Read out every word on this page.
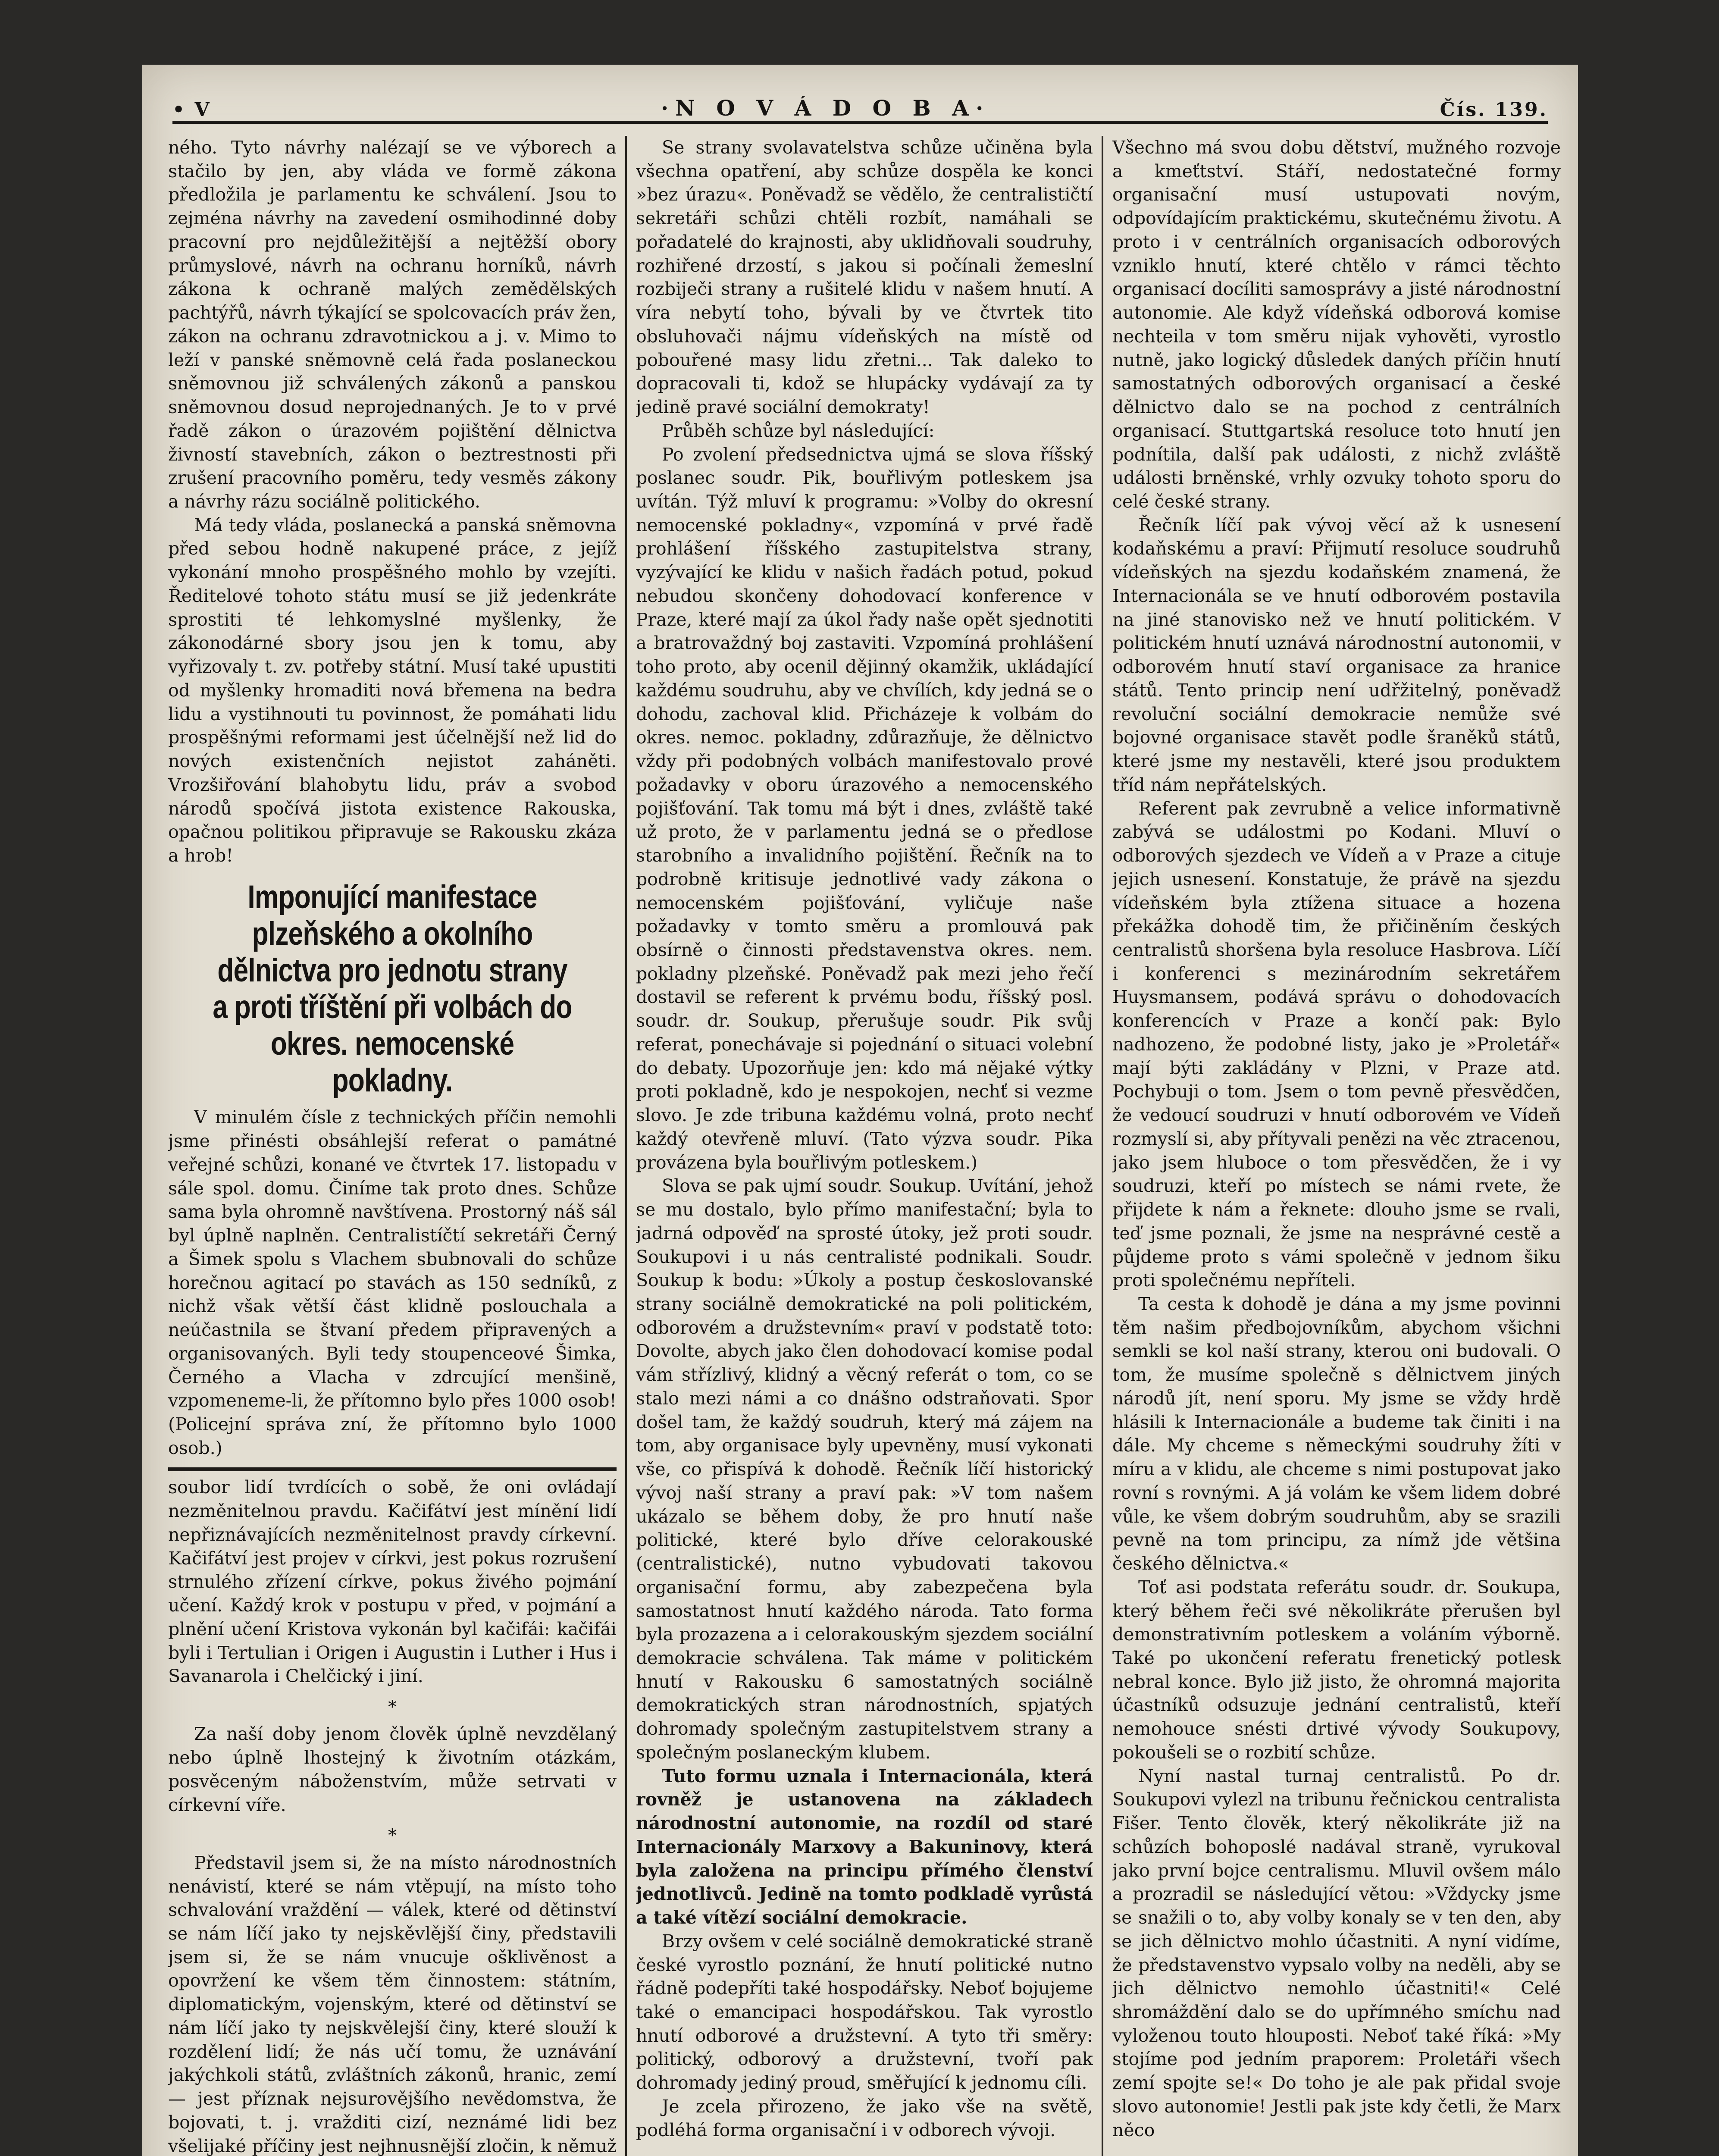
• V	·N O V Á D O B A·	Čís. 139.

ného. Tyto návrhy nalézají se ve výborech a stačilo by jen, aby vláda ve formě zákona předložila je parlamentu ke schválení. Jsou to zejména návrhy na zavedení osmihodinné doby pracovní pro nejdůležitější a nejtěžší obory průmyslové, návrh na ochranu horníků, návrh zákona k ochraně malých zemědělských pachtýřů, návrh týkající se spolcovacích práv žen, zákon na ochranu zdravotnickou a j. v. Mimo to leží v panské sněmovně celá řada poslaneckou sněmovnou již schválených zákonů a panskou sněmovnou dosud neprojednaných. Je to v prvé řadě zákon o úrazovém pojištění dělnictva živností stavebních, zákon o beztrestnosti při zrušení pracovního poměru, tedy vesměs zákony a návrhy rázu sociálně politického.

Má tedy vláda, poslanecká a panská sněmovna před sebou hodně nakupené práce, z jejíž vykonání mnoho prospěšného mohlo by vzejíti. Ředitelové tohoto státu musí se již jedenkráte sprostiti té lehkomyslné myšlenky, že zákonodárné sbory jsou jen k tomu, aby vyřizovaly t. zv. potřeby státní. Musí také upustiti od myšlenky hromaditi nová břemena na bedra lidu a vystihnouti tu povinnost, že pomáhati lidu prospěšnými reformami jest účelnější než lid do nových existenčních nejistot zaháněti. Vrozšiřování blahobytu lidu, práv a svobod národů spočívá jistota existence Rakouska, opačnou politikou připravuje se Rakousku zkáza a hrob!

Imponující manifestace plzeňského a okolního dělnictva pro jednotu strany a proti tříštění při volbách do okres. nemocenské pokladny.

V minulém čísle z technických příčin nemohli jsme přinésti obsáhlejší referat o památné veřejné schůzi, konané ve čtvrtek 17. listopadu v sále spol. domu. Činíme tak proto dnes. Schůze sama byla ohromně navštívena. Prostorný náš sál byl úplně naplněn. Centralistíčtí sekretáři Černý a Šimek spolu s Vlachem sbubnovali do schůze horečnou agitací po stavách as 150 sedníků, z nichž však větší část klidně poslouchala a neúčastnila se štvaní předem připravených a organisovaných. Byli tedy stoupenceové Šimka, Černého a Vlacha v zdrcující menšině, vzpomeneme-li, že přítomno bylo přes 1000 osob! (Policejní správa zní, že přítomno bylo 1000 osob.)

soubor lidí tvrdících o sobě, že oni ovládají nezměnitelnou pravdu. Kačifátví jest mínění lidí nepřiznávajících nezměnitelnost pravdy církevní. Kačifátví jest projev v církvi, jest pokus rozrušení strnulého zřízení církve, pokus živého pojmání učení. Každý krok v postupu v před, v pojmání a plnění učení Kristova vykonán byl kačifái: kačifái byli i Tertulian i Origen i Augustin i Luther i Hus i Savanarola i Chelčický i jiní.

*

Za naší doby jenom člověk úplně nevzdělaný nebo úplně lhostejný k životním otázkám, posvěceným náboženstvím, může setrvati v církevní víře.

*

Představil jsem si, že na místo národnostních nenávistí, které se nám vtěpují, na místo toho schvalování vraždění — válek, které od dětinství se nám líčí jako ty nejskěvlější činy, představili jsem si, že se nám vnucuje ošklivěnost a opovržení ke všem těm činnostem: státním, diplomatickým, vojenským, které od dětinství se nám líčí jako ty nejskvělejší činy, které slouží k rozdělení lidí; že nás učí tomu, že uznávání jakýchkoli států, zvláštních zákonů, hranic, zemí — jest příznak nejsurovějšího nevědomstva, že bojovati, t. j. vražditi cizí, neznámé lidi bez všelijaké příčiny jest nejhnusnější zločin, k němuž

Se strany svolavatelstva schůze učiněna byla všechna opatření, aby schůze dospěla ke konci »bez úrazu«. Poněvadž se vědělo, že centralističtí sekretáři schůzi chtěli rozbít, namáhali se pořadatelé do krajnosti, aby uklidňovali soudruhy, rozhiřené drzostí, s jakou si počínali žemeslní rozbiječi strany a rušitelé klidu v našem hnutí. A víra nebytí toho, bývali by ve čtvrtek tito obsluhovači nájmu vídeňských na místě od pobouřené masy lidu zřetni... Tak daleko to dopracovali ti, kdož se hlupácky vydávají za ty jedině pravé sociální demokraty!

Průběh schůze byl následující:

Po zvolení předsednictva ujmá se slova říšský poslanec soudr. Pik, bouřlivým potleskem jsa uvítán. Týž mluví k programu: »Volby do okresní nemocenské pokladny«, vzpomíná v prvé řadě prohlášení říšského zastupitelstva strany, vyzývající ke klidu v našich řadách potud, pokud nebudou skončeny dohodovací konference v Praze, které mají za úkol řady naše opět sjednotiti a bratrovaždný boj zastaviti. Vzpomíná prohlášení toho proto, aby ocenil dějinný okamžik, ukládající každému soudruhu, aby ve chvílích, kdy jedná se o dohodu, zachoval klid. Přicházeje k volbám do okres. nemoc. pokladny, zdůrazňuje, že dělnictvo vždy při podobných volbách manifestovalo prové požadavky v oboru úrazového a nemocenského pojišťování. Tak tomu má být i dnes, zvláště také už proto, že v parlamentu jedná se o předlose starobního a invalidního pojištění. Řečník na to podrobně kritisuje jednotlivé vady zákona o nemocenském pojišťování, vyličuje naše požadavky v tomto směru a promlouvá pak obsírně o činnosti představenstva okres. nem. pokladny plzeňské. Poněvadž pak mezi jeho řečí dostavil se referent k prvému bodu, říšský posl. soudr. dr. Soukup, přerušuje soudr. Pik svůj referat, ponechávaje si pojednání o situaci volební do debaty. Upozorňuje jen: kdo má nějaké výtky proti pokladně, kdo je nespokojen, nechť si vezme slovo. Je zde tribuna každému volná, proto nechť každý otevřeně mluví. (Tato výzva soudr. Pika provázena byla bouřlivým potleskem.)

Slova se pak ujmí soudr. Soukup. Uvítání, jehož se mu dostalo, bylo přímo manifestační; byla to jadrná odpověď na sprosté útoky, jež proti soudr. Soukupovi i u nás centralisté podnikali. Soudr. Soukup k bodu: »Úkoly a postup českoslovanské strany sociálně demokratické na poli politickém, odborovém a družstevním« praví v podstatě toto: Dovolte, abych jako člen dohodovací komise podal vám střízlivý, klidný a věcný referát o tom, co se stalo mezi námi a co dnášno odstraňovati. Spor došel tam, že každý soudruh, který má zájem na tom, aby organisace byly upevněny, musí vykonati vše, co přispívá k dohodě. Řečník líčí historický vývoj naší strany a praví pak: »V tom našem ukázalo se během doby, že pro hnutí naše politické, které bylo dříve celorakouské (centralistické), nutno vybudovati takovou organisační formu, aby zabezpečena byla samostatnost hnutí každého národa. Tato forma byla prozazena a i celorakouským sjezdem sociální demokracie schválena. Tak máme v politickém hnutí v Rakousku 6 samostatných sociálně demokratických stran národnostních, spjatých dohromady společným zastupitelstvem strany a společným poslaneckým klubem.

Tuto formu uznala i Internacionála, která rovněž je ustanovena na základech národnostní autonomie, na rozdíl od staré Internacionály Marxovy a Bakuninovy, která byla založena na principu přímého členství jednotlivců. Jedině na tomto podkladě vyrůstá a také vítězí sociální demokracie.

Brzy ovšem v celé sociálně demokratické straně české vyrostlo poznání, že hnutí politické nutno řádně podepříti také hospodářsky. Neboť bojujeme také o emancipaci hospodářskou. Tak vyrostlo hnutí odborové a družstevní. A tyto tři směry: politický, odborový a družstevní, tvoří pak dohromady jediný proud, směřující k jednomu cíli.

Je zcela přirozeno, že jako vše na světě, podléhá forma organisační i v odborech vývoji.

Všechno má svou dobu dětství, mužného rozvoje a kmeťtství. Stáří, nedostatečné formy organisační musí ustupovati novým, odpovídajícím praktickému, skutečnému životu. A proto i v centrálních organisacích odborových vzniklo hnutí, které chtělo v rámci těchto organisací docíliti samosprávy a jisté národnostní autonomie. Ale když vídeňská odborová komise nechteila v tom směru nijak vyhověti, vyrostlo nutně, jako logický důsledek daných příčin hnutí samostatných odborových organisací a české dělnictvo dalo se na pochod z centrálních organisací. Stuttgartská resoluce toto hnutí jen podnítila, další pak události, z nichž zvláště události brněnské, vrhly ozvuky tohoto sporu do celé české strany.

Řečník líčí pak vývoj věcí až k usnesení kodaňskému a praví: Přijmutí resoluce soudruhů vídeňských na sjezdu kodaňském znamená, že Internacionála se ve hnutí odborovém postavila na jiné stanovisko než ve hnutí politickém. V politickém hnutí uznává národnostní autonomii, v odborovém hnutí staví organisace za hranice států. Tento princip není udřžitelný, poněvadž revoluční sociální demokracie nemůže své bojovné organisace stavět podle šraněků států, které jsme my nestavěli, které jsou produktem tříd nám nepřátelských.

Referent pak zevrubně a velice informativně zabývá se událostmi po Kodani. Mluví o odborových sjezdech ve Vídeň a v Praze a cituje jejich usnesení. Konstatuje, že právě na sjezdu vídeňském byla ztížena situace a hozena překážka dohodě tim, že přičiněním českých centralistů shoršena byla resoluce Hasbrova. Líčí i konferenci s mezinárodním sekretářem Huysmansem, podává správu o dohodovacích konferencích v Praze a končí pak: Bylo nadhozeno, že podobné listy, jako je »Proletář« mají býti zakládány v Plzni, v Praze atd. Pochybuji o tom. Jsem o tom pevně přesvědčen, že vedoucí soudruzi v hnutí odborovém ve Vídeň rozmyslí si, aby přítyvali penězi na věc ztracenou, jako jsem hluboce o tom přesvědčen, že i vy soudruzi, kteří po místech se námi rvete, že přijdete k nám a řeknete: dlouho jsme se rvali, teď jsme poznali, že jsme na nesprávné cestě a půjdeme proto s vámi společně v jednom šiku proti společnému nepříteli.

Ta cesta k dohodě je dána a my jsme povinni těm našim předbojovníkům, abychom všichni semkli se kol naší strany, kterou oni budovali. O tom, že musíme společně s dělnictvem jiných národů jít, není sporu. My jsme se vždy hrdě hlásili k Internacionále a budeme tak činiti i na dále. My chceme s německými soudruhy žíti v míru a v klidu, ale chceme s nimi postupovat jako rovní s rovnými. A já volám ke všem lidem dobré vůle, ke všem dobrým soudruhům, aby se srazili pevně na tom principu, za nímž jde většina českého dělnictva.«

Toť asi podstata referátu soudr. dr. Soukupa, který během řeči své několikráte přerušen byl demonstrativním potleskem a voláním výborně. Také po ukončení referatu frenetický potlesk nebral konce. Bylo již jisto, že ohromná majorita účastníků odsuzuje jednání centralistů, kteří nemohouce snésti drtivé vývody Soukupovy, pokoušeli se o rozbití schůze.

Nyní nastal turnaj centralistů. Po dr. Soukupovi vylezl na tribunu řečnickou centralista Fišer. Tento člověk, který několikráte již na schůzích bohoposlé nadával straně, vyrukoval jako první bojce centralismu. Mluvil ovšem málo a prozradil se následující větou: »Vždycky jsme se snažili o to, aby volby konaly se v ten den, aby se jich dělnictvo mohlo účastniti. A nyní vidíme, že představenstvo vypsalo volby na neděli, aby se jich dělnictvo nemohlo účastniti!« Celé shromáždění dalo se do upřímného smíchu nad vyloženou touto hlouposti. Neboť také říká: »My stojíme pod jedním praporem: Proletáři všech zemí spojte se!« Do toho je ale pak přidal svoje slovo autonomie! Jestli pak jste kdy četli, že Marx něco
